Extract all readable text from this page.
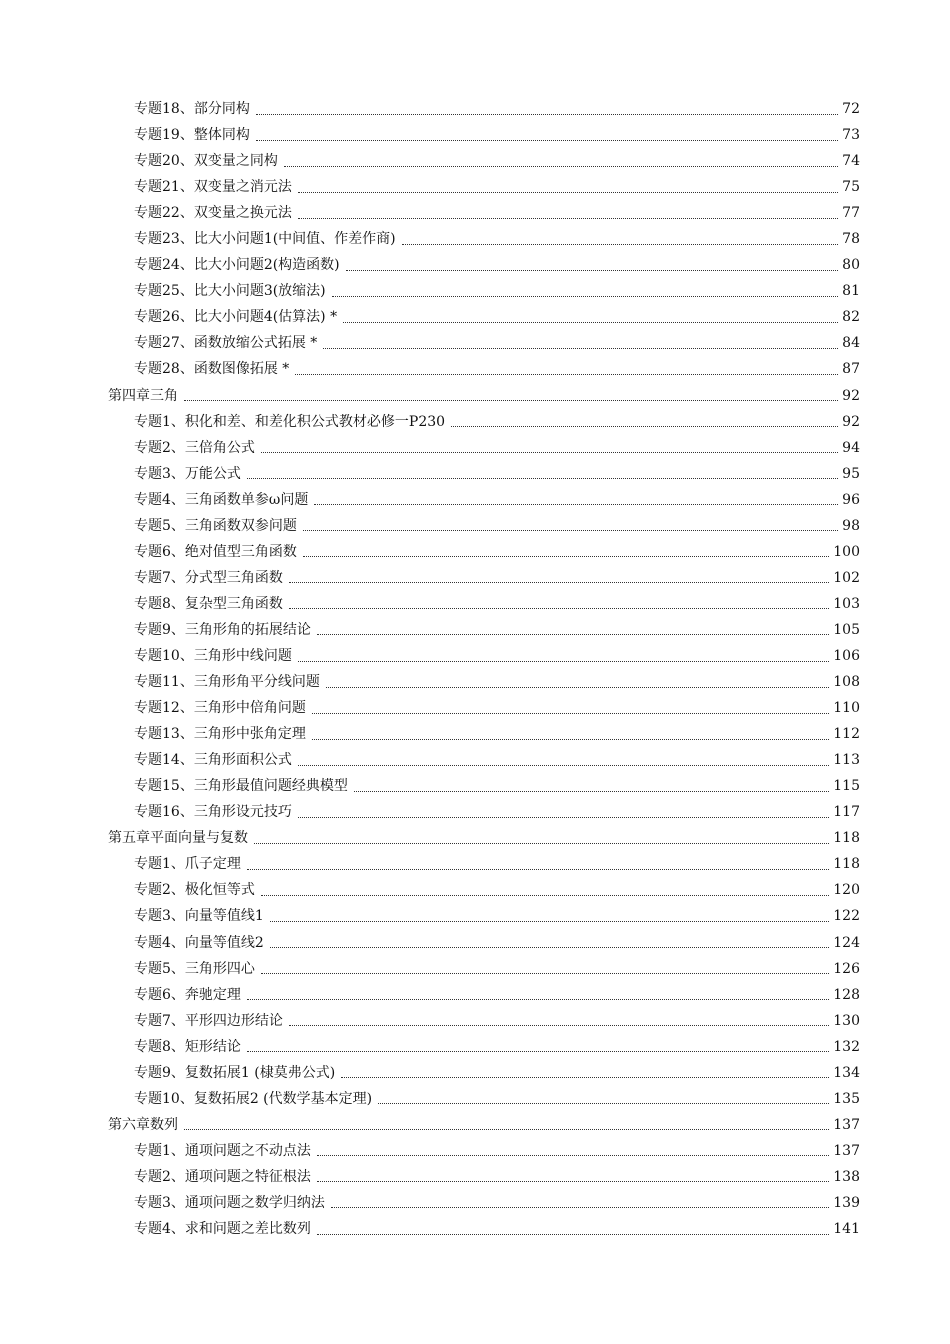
专题18、部分同构	72
专题19、整体同构	73
专题20、双变量之同构	74
专题21、双变量之消元法	75
专题22、双变量之换元法	77
专题23、比大小问题1(中间值、作差作商)	78
专题24、比大小问题2(构造函数)	80
专题25、比大小问题3(放缩法)	81
专题26、比大小问题4(估算法) *	82
专题27、函数放缩公式拓展 *	84
专题28、函数图像拓展 *	87
第四章三角	92
专题1、积化和差、和差化积公式教材必修一P230	92
专题2、三倍角公式	94
专题3、万能公式	95
专题4、三角函数单参ω问题	96
专题5、三角函数双参问题	98
专题6、绝对值型三角函数	100
专题7、分式型三角函数	102
专题8、复杂型三角函数	103
专题9、三角形角的拓展结论	105
专题10、三角形中线问题	106
专题11、三角形角平分线问题	108
专题12、三角形中倍角问题	110
专题13、三角形中张角定理	112
专题14、三角形面积公式	113
专题15、三角形最值问题经典模型	115
专题16、三角形设元技巧	117
第五章平面向量与复数	118
专题1、爪子定理	118
专题2、极化恒等式	120
专题3、向量等值线1	122
专题4、向量等值线2	124
专题5、三角形四心	126
专题6、奔驰定理	128
专题7、平形四边形结论	130
专题8、矩形结论	132
专题9、复数拓展1 (棣莫弗公式)	134
专题10、复数拓展2 (代数学基本定理)	135
第六章数列	137
专题1、通项问题之不动点法	137
专题2、通项问题之特征根法	138
专题3、通项问题之数学归纳法	139
专题4、求和问题之差比数列	141
